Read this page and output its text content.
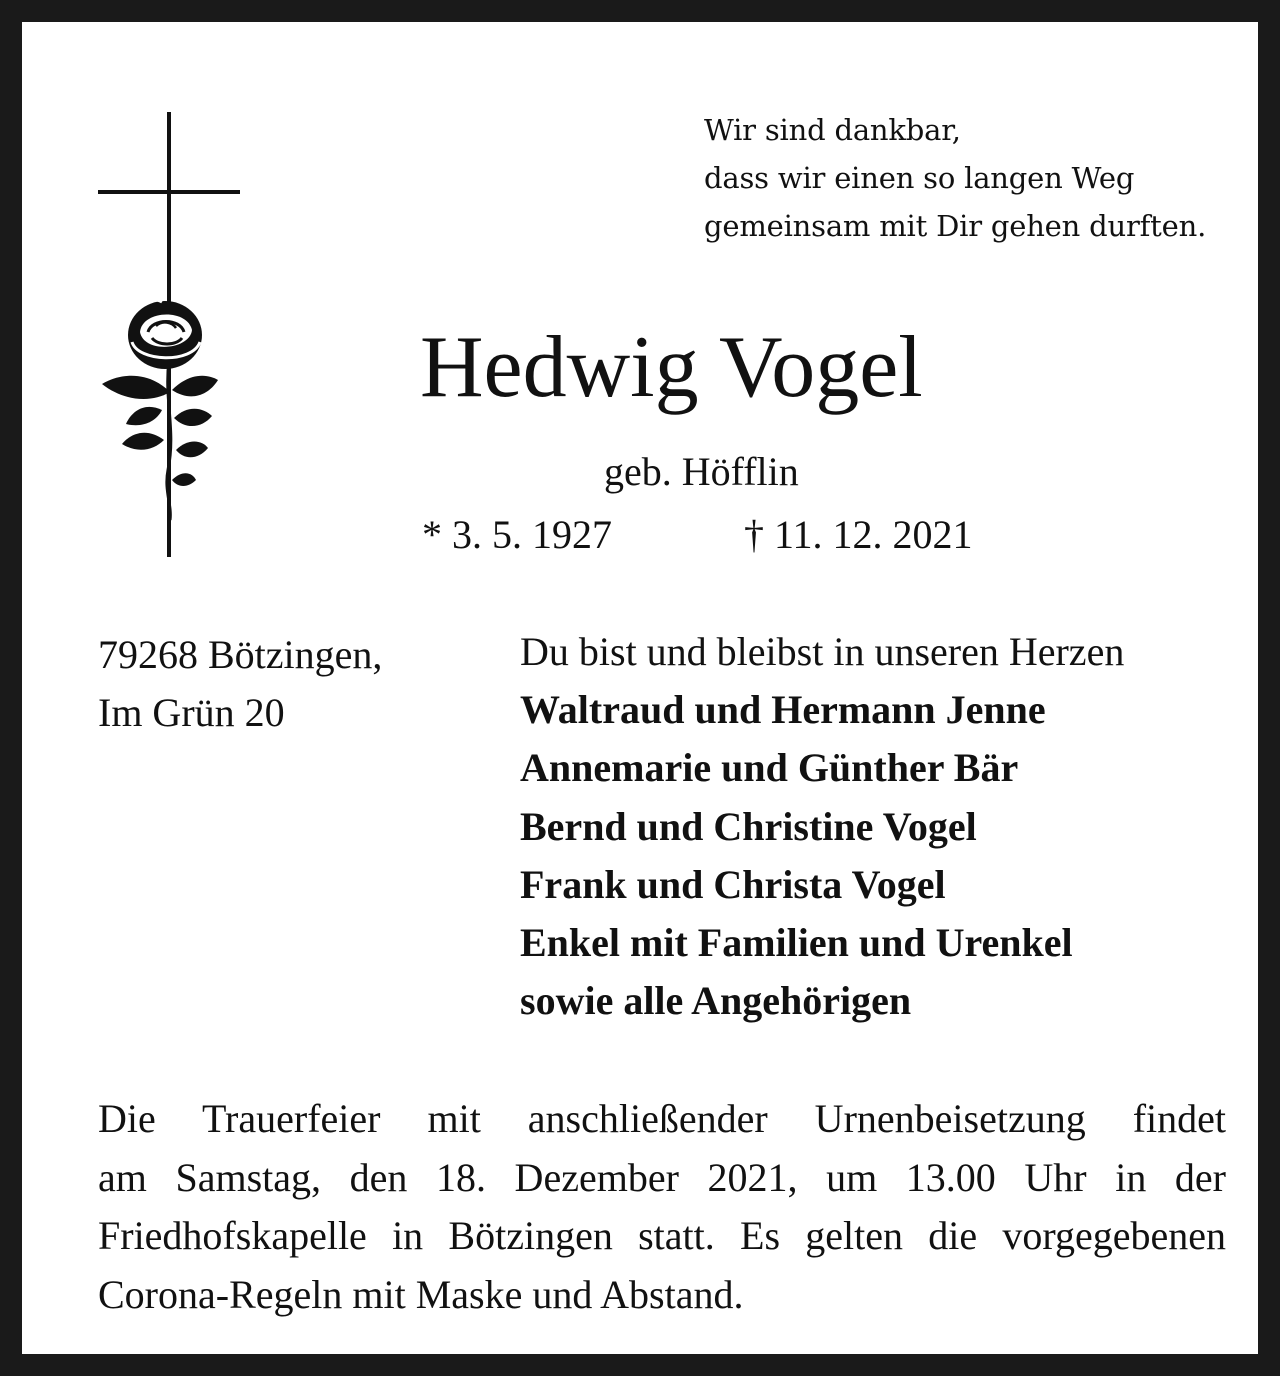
Wir sind dankbar,
dass wir einen so langen Weg
gemeinsam mit Dir gehen durften.
Hedwig Vogel
geb. Höfflin
* 3. 5. 1927	† 11. 12. 2021
79268 Bötzingen,
Im Grün 20
Du bist und bleibst in unseren Herzen
Waltraud und Hermann Jenne
Annemarie und Günther Bär
Bernd und Christine Vogel
Frank und Christa Vogel
Enkel mit Familien und Urenkel
sowie alle Angehörigen
Die Trauerfeier mit anschließender Urnenbeisetzung findet
am Samstag, den 18. Dezember 2021, um 13.00 Uhr in der
Friedhofskapelle in Bötzingen statt. Es gelten die vorgegebenen
Corona-Regeln mit Maske und Abstand.
